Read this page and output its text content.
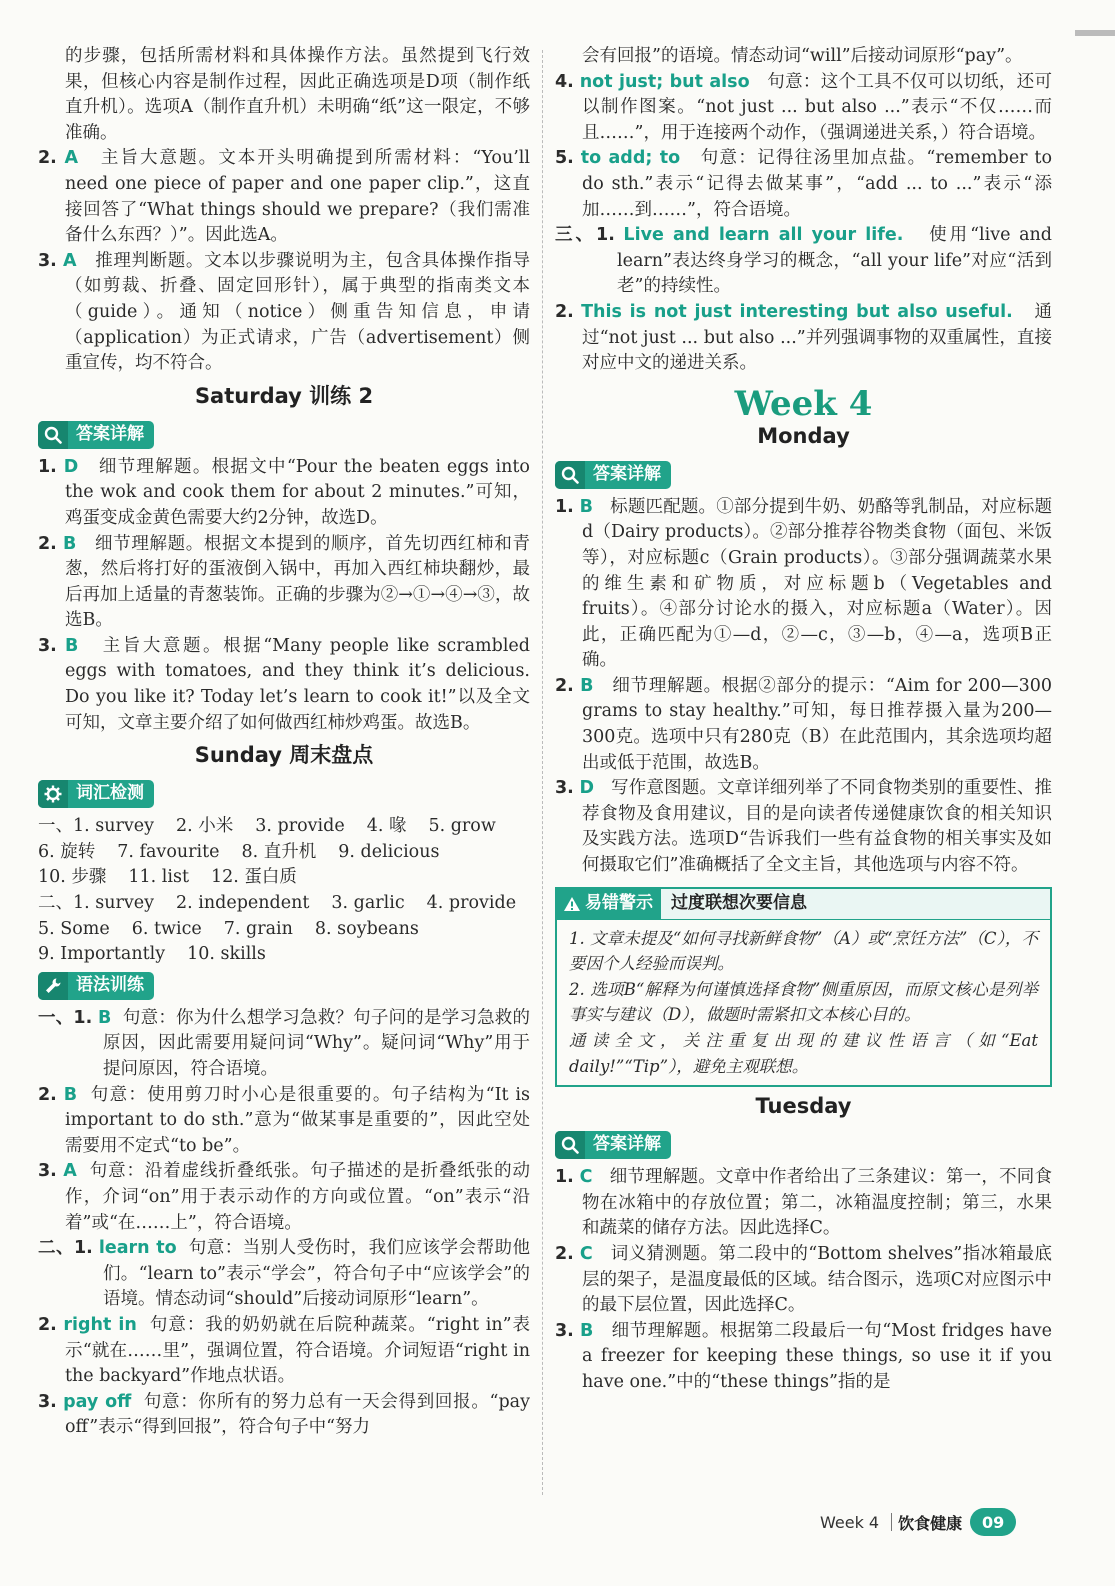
的步骤，包括所需材料和具体操作方法。虽然提到飞行效果，但核心内容是制作过程，因此正确选项是D项（制作纸直升机）。选项A（制作直升机）未明确“纸”这一限定，不够准确。

2. A 主旨大意题。文本开头明确提到所需材料：“You’ll need one piece of paper and one paper clip.”，这直接回答了“What things should we prepare?（我们需准备什么东西？）”。因此选A。

3. A 推理判断题。文本以步骤说明为主，包含具体操作指导（如剪裁、折叠、固定回形针），属于典型的指南类文本（guide）。通知（notice）侧重告知信息，申请（application）为正式请求，广告（advertisement）侧重宣传，均不符合。

Saturday 训练 2
答案详解

1. D 细节理解题。根据文中“Pour the beaten eggs into the wok and cook them for about 2 minutes.”可知，鸡蛋变成金黄色需要大约2分钟，故选D。

2. B 细节理解题。根据文本提到的顺序，首先切西红柿和青葱，然后将打好的蛋液倒入锅中，再加入西红柿块翻炒，最后再加上适量的青葱装饰。正确的步骤为②→①→④→③，故选B。

3. B 主旨大意题。根据“Many people like scrambled eggs with tomatoes, and they think it’s delicious. Do you like it? Today let’s learn to cook it!”以及全文可知，文章主要介绍了如何做西红柿炒鸡蛋。故选B。

Sunday 周末盘点
词汇检测
一、1. survey 2. 小米 3. provide 4. 喙 5. grow
6. 旋转 7. favourite 8. 直升机 9. delicious
10. 步骤 11. list 12. 蛋白质
二、1. survey 2. independent 3. garlic 4. provide
5. Some 6. twice 7. grain 8. soybeans
9. Importantly 10. skills
语法训练

一、1. B 句意：你为什么想学习急救？句子问的是学习急救的原因，因此需要用疑问词“Why”。疑问词“Why”用于提问原因，符合语境。

2. B 句意：使用剪刀时小心是很重要的。句子结构为“It is important to do sth.”意为“做某事是重要的”，因此空处需要用不定式“to be”。

3. A 句意：沿着虚线折叠纸张。句子描述的是折叠纸张的动作，介词“on”用于表示动作的方向或位置。“on”表示“沿着”或“在……上”，符合语境。

二、1. learn to 句意：当别人受伤时，我们应该学会帮助他们。“learn to”表示“学会”，符合句子中“应该学会”的语境。情态动词“should”后接动词原形“learn”。

2. right in 句意：我的奶奶就在后院种蔬菜。“right in”表示“就在……里”，强调位置，符合语境。介词短语“right in the backyard”作地点状语。

3. pay off 句意：你所有的努力总有一天会得到回报。“pay off”表示“得到回报”，符合句子中“努力

会有回报”的语境。情态动词“will”后接动词原形“pay”。

4. not just; but also 句意：这个工具不仅可以切纸，还可以制作图案。“not just ... but also ...”表示“不仅……而且……”，用于连接两个动作，（强调递进关系，）符合语境。

5. to add; to 句意：记得往汤里加点盐。“remember to do sth.”表示“记得去做某事”，“add ... to ...”表示“添加……到……”，符合语境。

三、1. Live and learn all your life. 使用“live and learn”表达终身学习的概念，“all your life”对应“活到老”的持续性。

2. This is not just interesting but also useful. 通过“not just ... but also ...”并列强调事物的双重属性，直接对应中文的递进关系。

Week 4
Monday
答案详解

1. B 标题匹配题。①部分提到牛奶、奶酪等乳制品，对应标题d（Dairy products）。②部分推荐谷物类食物（面包、米饭等），对应标题c（Grain products）。③部分强调蔬菜水果的维生素和矿物质，对应标题b（Vegetables and fruits）。④部分讨论水的摄入，对应标题a（Water）。因此，正确匹配为①—d，②—c，③—b，④—a，选项B正确。

2. B 细节理解题。根据②部分的提示：“Aim for 200—300 grams to stay healthy.”可知，每日推荐摄入量为200—300克。选项中只有280克（B）在此范围内，其余选项均超出或低于范围，故选B。

3. D 写作意图题。文章详细列举了不同食物类别的重要性、推荐食物及食用建议，目的是向读者传递健康饮食的相关知识及实践方法。选项D“告诉我们一些有益食物的相关事实及如何摄取它们”准确概括了全文主旨，其他选项与内容不符。

易错警示	过度联想次要信息

1. 文章未提及“如何寻找新鲜食物”（A）或“烹饪方法”（C），不要因个人经验而误判。

2. 选项B“解释为何谨慎选择食物”侧重原因，而原文核心是列举事实与建议（D），做题时需紧扣文本核心目的。

通读全文，关注重复出现的建议性语言（如“Eat daily!”“Tip”），避免主观联想。

Tuesday
答案详解

1. C 细节理解题。文章中作者给出了三条建议：第一，不同食物在冰箱中的存放位置；第二，冰箱温度控制；第三，水果和蔬菜的储存方法。因此选择C。

2. C 词义猜测题。第二段中的“Bottom shelves”指冰箱最底层的架子，是温度最低的区域。结合图示，选项C对应图示中的最下层位置，因此选择C。

3. B 细节理解题。根据第二段最后一句“Most fridges have a freezer for keeping these things, so use it if you have one.”中的“these things”指的是

Week 4	饮食健康	09
